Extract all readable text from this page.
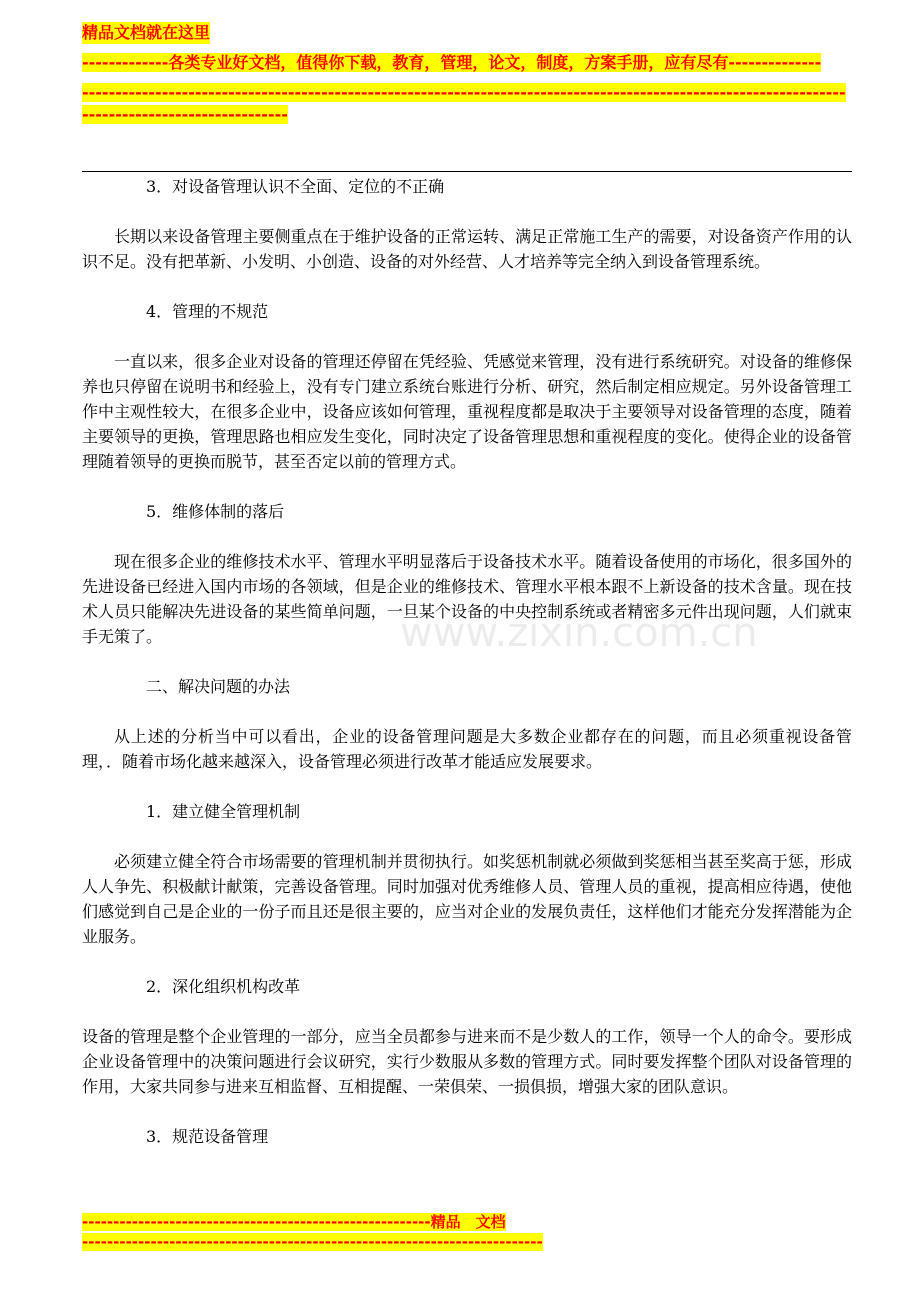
精品文档就在这里
-------------各类专业好文档，值得你下载，教育，管理，论文，制度，方案手册，应有尽有--------------
--------------------------------------------------------------------------------------------------------------------------------------------------
www.zixin.com.cn

3．对设备管理认识不全面、定位的不正确

长期以来设备管理主要侧重点在于维护设备的正常运转、满足正常施工生产的需要，对设备资产作用的认识不足。没有把革新、小发明、小创造、设备的对外经营、人才培养等完全纳入到设备管理系统。

4．管理的不规范

一直以来，很多企业对设备的管理还停留在凭经验、凭感觉来管理，没有进行系统研究。对设备的维修保养也只停留在说明书和经验上，没有专门建立系统台账进行分析、研究，然后制定相应规定。另外设备管理工作中主观性较大，在很多企业中，设备应该如何管理，重视程度都是取决于主要领导对设备管理的态度，随着主要领导的更换，管理思路也相应发生变化，同时决定了设备管理思想和重视程度的变化。使得企业的设备管理随着领导的更换而脱节，甚至否定以前的管理方式。

5．维修体制的落后

现在很多企业的维修技术水平、管理水平明显落后于设备技术水平。随着设备使用的市场化，很多国外的先进设备已经进入国内市场的各领域，但是企业的维修技术、管理水平根本跟不上新设备的技术含量。现在技术人员只能解决先进设备的某些简单问题，一旦某个设备的中央控制系统或者精密多元件出现问题，人们就束手无策了。

二、解决问题的办法

从上述的分析当中可以看出，企业的设备管理问题是大多数企业都存在的问题，而且必须重视设备管理，．随着市场化越来越深入，设备管理必须进行改革才能适应发展要求。

1．建立健全管理机制

必须建立健全符合市场需要的管理机制并贯彻执行。如奖惩机制就必须做到奖惩相当甚至奖高于惩，形成人人争先、积极献计献策，完善设备管理。同时加强对优秀维修人员、管理人员的重视，提高相应待遇，使他们感觉到自己是企业的一份子而且还是很主要的，应当对企业的发展负责任，这样他们才能充分发挥潜能为企业服务。

2．深化组织机构改革

设备的管理是整个企业管理的一部分，应当全员都参与进来而不是少数人的工作，领导一个人的命令。要形成企业设备管理中的决策问题进行会议研究，实行少数服从多数的管理方式。同时要发挥整个团队对设备管理的作用，大家共同参与进来互相监督、互相提醒、一荣俱荣、一损俱损，增强大家的团队意识。

3．规范设备管理

--------------------------------------------------------精品　文档
--------------------------------------------------------------------------
